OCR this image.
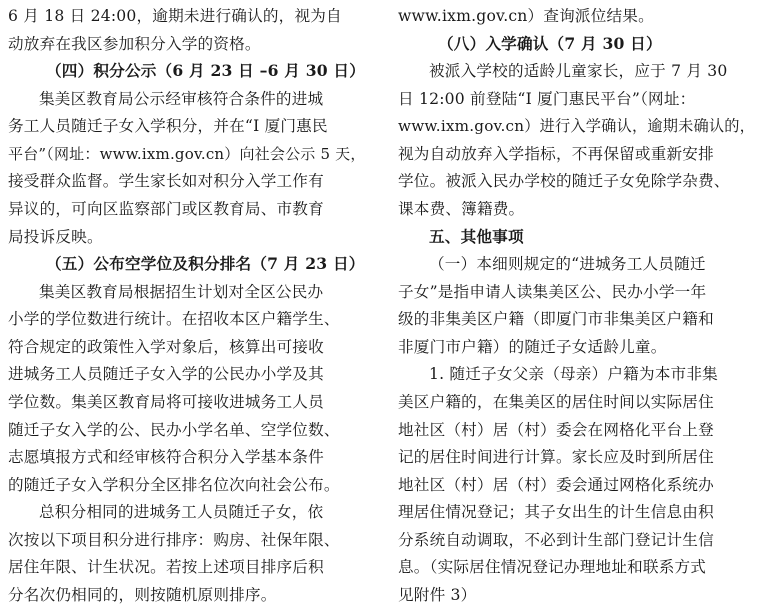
6 月 18 日 24:00，逾期未进行确认的，视为自
动放弃在我区参加积分入学的资格。
（四）积分公示（6 月 23 日 –6 月 30 日）
集美区教育局公示经审核符合条件的进城
务工人员随迁子女入学积分，并在“I 厦门惠民
平台”（网址：www.ixm.gov.cn）向社会公示 5 天，
接受群众监督。学生家长如对积分入学工作有
异议的，可向区监察部门或区教育局、市教育
局投诉反映。
（五）公布空学位及积分排名（7 月 23 日）
集美区教育局根据招生计划对全区公民办
小学的学位数进行统计。在招收本区户籍学生、
符合规定的政策性入学对象后，核算出可接收
进城务工人员随迁子女入学的公民办小学及其
学位数。集美区教育局将可接收进城务工人员
随迁子女入学的公、民办小学名单、空学位数、
志愿填报方式和经审核符合积分入学基本条件
的随迁子女入学积分全区排名位次向社会公布。
总积分相同的进城务工人员随迁子女，依
次按以下项目积分进行排序：购房、社保年限、
居住年限、计生状况。若按上述项目排序后积
分名次仍相同的，则按随机原则排序。
www.ixm.gov.cn）查询派位结果。
（八）入学确认（7 月 30 日）
被派入学校的适龄儿童家长，应于 7 月 30
日 12:00 前登陆“I 厦门惠民平台”（网址：
www.ixm.gov.cn）进行入学确认，逾期未确认的，
视为自动放弃入学指标，不再保留或重新安排
学位。被派入民办学校的随迁子女免除学杂费、
课本费、簿籍费。
五、其他事项
（一）本细则规定的“进城务工人员随迁
子女”是指申请人读集美区公、民办小学一年
级的非集美区户籍（即厦门市非集美区户籍和
非厦门市户籍）的随迁子女适龄儿童。
1. 随迁子女父亲（母亲）户籍为本市非集
美区户籍的，在集美区的居住时间以实际居住
地社区（村）居（村）委会在网格化平台上登
记的居住时间进行计算。家长应及时到所居住
地社区（村）居（村）委会通过网格化系统办
理居住情况登记；其子女出生的计生信息由积
分系统自动调取，不必到计生部门登记计生信
息。（实际居住情况登记办理地址和联系方式
见附件 3）
